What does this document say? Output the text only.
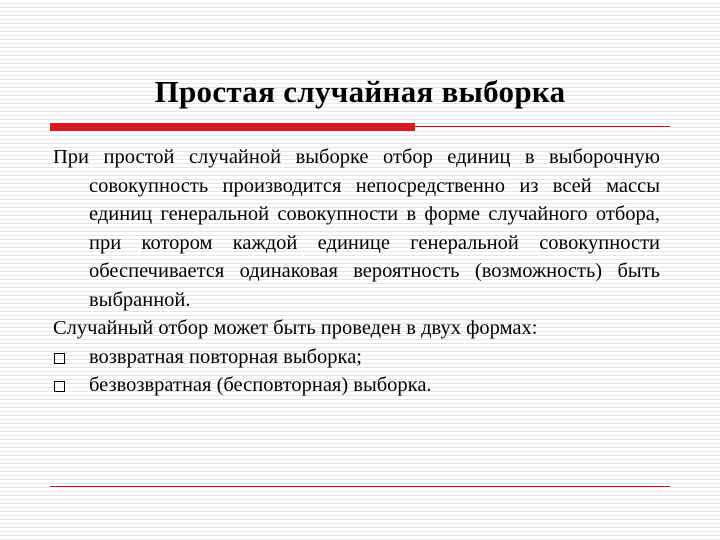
Простая случайная выборка

При простой случайной выборке отбор единиц в выборочную совокупность производится непосредственно из всей массы единиц генеральной совокупности в форме случайного отбора, при котором каждой единице генеральной совокупности обеспечивается одинаковая вероятность (возможность) быть выбранной.

Случайный отбор может быть проведен в двух формах:

возвратная повторная выборка;
безвозвратная (бесповторная) выборка.
